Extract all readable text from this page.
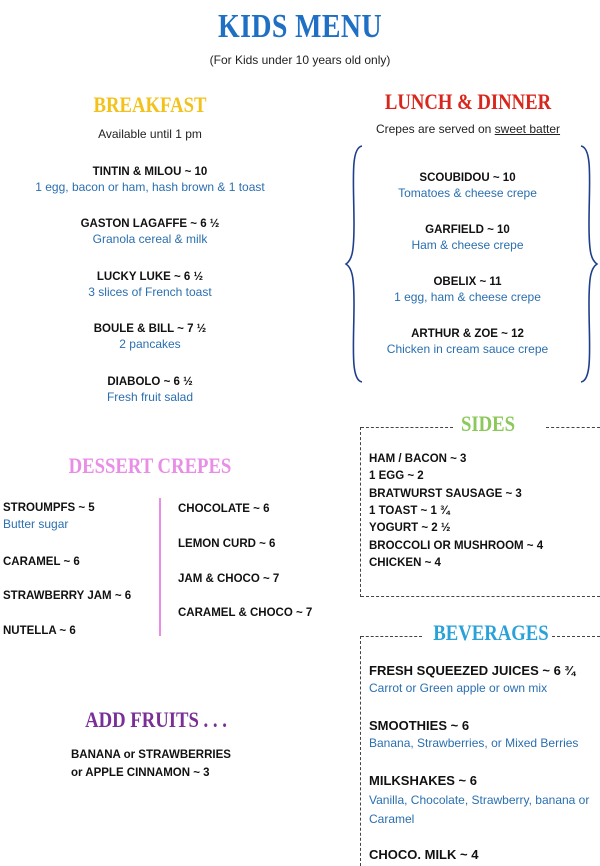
KIDS MENU
(For Kids under 10 years old only)
BREAKFAST
Available until 1 pm
TINTIN & MILOU ~ 10
1 egg, bacon or ham, hash brown & 1 toast
GASTON LAGAFFE ~ 6 ½
Granola cereal & milk
LUCKY LUKE ~ 6 ½
3 slices of French toast
BOULE & BILL ~ 7 ½
2 pancakes
DIABOLO ~ 6 ½
Fresh fruit salad
LUNCH & DINNER
Crepes are served on sweet batter
SCOUBIDOU ~ 10
Tomatoes & cheese crepe
GARFIELD ~ 10
Ham & cheese crepe
OBELIX ~ 11
1 egg, ham & cheese crepe
ARTHUR & ZOE ~ 12
Chicken in cream sauce crepe
DESSERT CREPES
STROUMPFS ~ 5
Butter sugar
CARAMEL ~ 6
STRAWBERRY JAM ~ 6
NUTELLA ~ 6
CHOCOLATE ~ 6
LEMON CURD ~ 6
JAM & CHOCO ~ 7
CARAMEL & CHOCO ~ 7
SIDES
HAM / BACON ~ 3
1 EGG ~ 2
BRATWURST SAUSAGE ~ 3
1 TOAST ~ 1 ¾
YOGURT ~ 2 ½
BROCCOLI OR MUSHROOM ~ 4
CHICKEN ~ 4
ADD FRUITS . . .
BANANA or STRAWBERRIES
or APPLE CINNAMON ~ 3
BEVERAGES
FRESH SQUEEZED JUICES ~ 6 ¾
Carrot or Green apple or own mix
SMOOTHIES ~ 6
Banana, Strawberries, or Mixed Berries
MILKSHAKES ~ 6
Vanilla, Chocolate, Strawberry, banana or Caramel
CHOCO. MILK ~ 4
